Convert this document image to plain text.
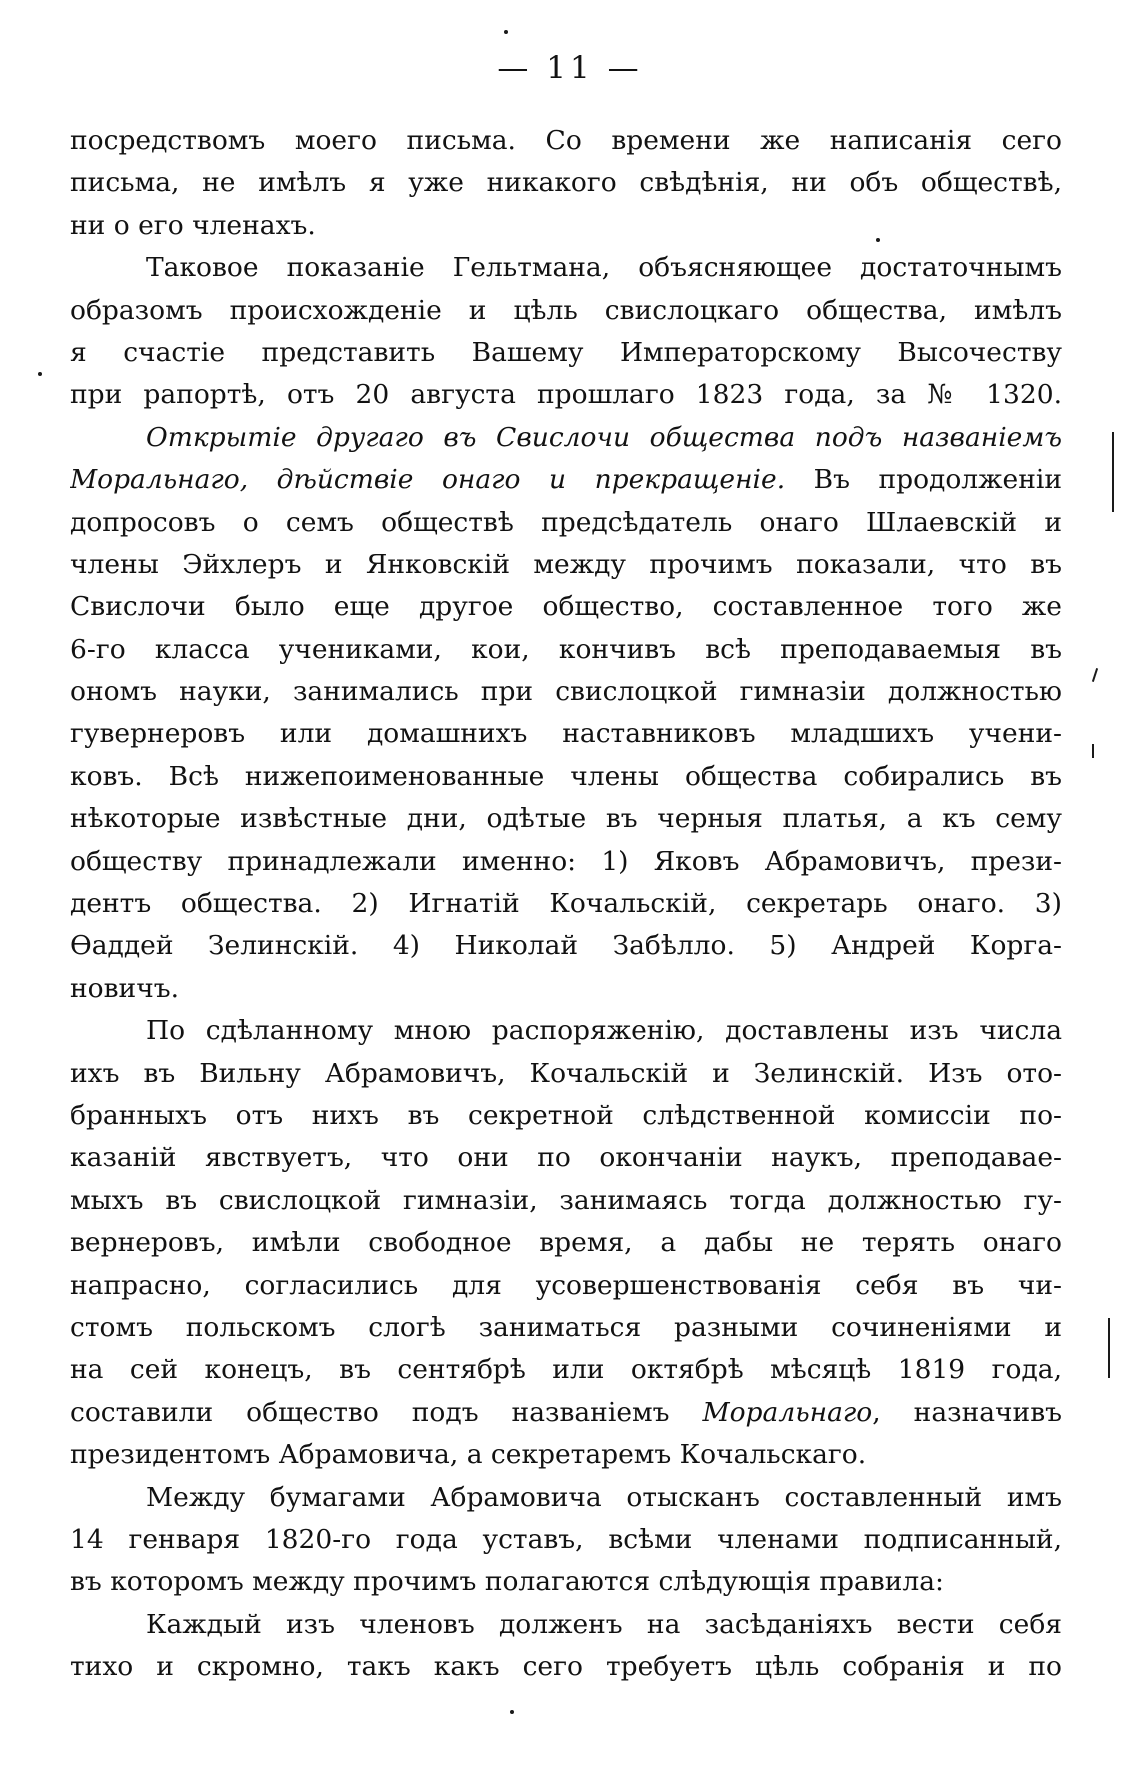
— 11 —
посредствомъ моего письма. Со времени же написанія сего
письма, не имѣлъ я уже никакого свѣдѣнія, ни объ обществѣ,
ни о его членахъ.
Таковое показаніе Гельтмана, объясняющее достаточнымъ
образомъ происхожденіе и цѣль свислоцкаго общества, имѣлъ
я счастіе представить Вашему Императорскому Высочеству
при рапортѣ, отъ 20 августа прошлаго 1823 года, за № 1320.
Открытіе другаго въ Свислочи общества подъ названіемъ
Моральнаго, дѣйствіе онаго и прекращеніе. Въ продолженіи
допросовъ о семъ обществѣ предсѣдатель онаго Шлаевскій и
члены Эйхлеръ и Янковскій между прочимъ показали, что въ
Свислочи было еще другое общество, составленное того же
6-го класса учениками, кои, кончивъ всѣ преподаваемыя въ
ономъ науки, занимались при свислоцкой гимназіи должностью
гувернеровъ или домашнихъ наставниковъ младшихъ учени-
ковъ. Всѣ нижепоименованные члены общества собирались въ
нѣкоторые извѣстные дни, одѣтые въ черныя платья, а къ сему
обществу принадлежали именно: 1) Яковъ Абрамовичъ, прези-
дентъ общества. 2) Игнатій Кочальскій, секретарь онаго. 3)
Ѳаддей Зелинскій. 4) Николай Забѣлло. 5) Андрей Корга-
новичъ.
По сдѣланному мною распоряженію, доставлены изъ числа
ихъ въ Вильну Абрамовичъ, Кочальскій и Зелинскій. Изъ ото-
бранныхъ отъ нихъ въ секретной слѣдственной комиссіи по-
казаній явствуетъ, что они по окончаніи наукъ, преподавае-
мыхъ въ свислоцкой гимназіи, занимаясь тогда должностью гу-
вернеровъ, имѣли свободное время, а дабы не терять онаго
напрасно, согласились для усовершенствованія себя въ чи-
стомъ польскомъ слогѣ заниматься разными сочиненіями и
на сей конецъ, въ сентябрѣ или октябрѣ мѣсяцѣ 1819 года,
составили общество подъ названіемъ Моральнаго, назначивъ
президентомъ Абрамовича, а секретаремъ Кочальскаго.
Между бумагами Абрамовича отысканъ составленный имъ
14 генваря 1820-го года уставъ, всѣми членами подписанный,
въ которомъ между прочимъ полагаются слѣдующія правила:
Каждый изъ членовъ долженъ на засѣданіяхъ вести себя
тихо и скромно, такъ какъ сего требуетъ цѣль собранія и по
